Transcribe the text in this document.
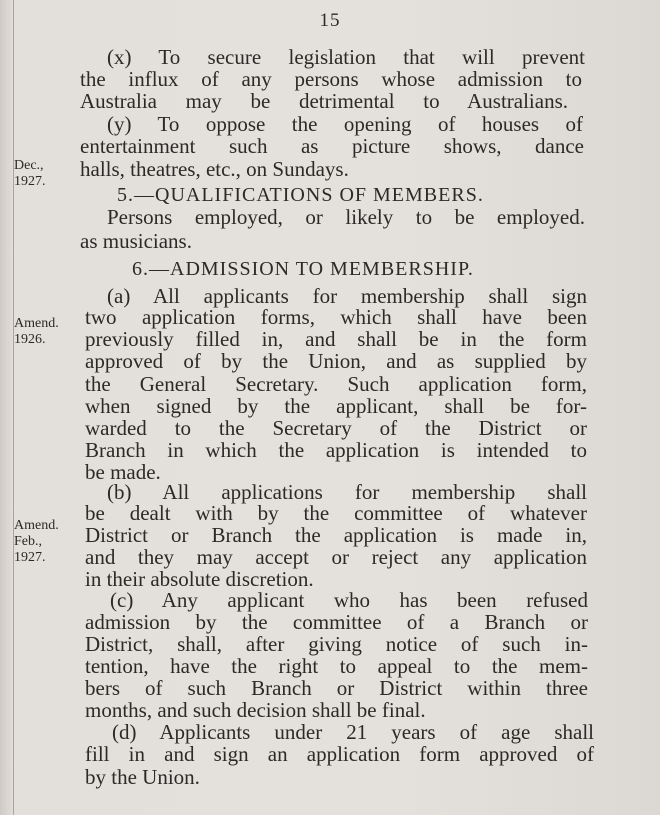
15
Dec.,
1927.
Amend.
1926.
Amend.
Feb.,
1927.
(x) To secure legislation that will prevent
the influx of any persons whose admission to
Australia may be detrimental to Australians.
(y) To oppose the opening of houses of
entertainment such as picture shows, dance
halls, theatres, etc., on Sundays.
5.—QUALIFICATIONS OF MEMBERS.
Persons employed, or likely to be employed.
as musicians.
6.—ADMISSION TO MEMBERSHIP.
(a) All applicants for membership shall sign
two application forms, which shall have been
previously filled in, and shall be in the form
approved of by the Union, and as supplied by
the General Secretary. Such application form,
when signed by the applicant, shall be for-
warded to the Secretary of the District or
Branch in which the application is intended to
be made.
(b) All applications for membership shall
be dealt with by the committee of whatever
District or Branch the application is made in,
and they may accept or reject any application
in their absolute discretion.
(c) Any applicant who has been refused
admission by the committee of a Branch or
District, shall, after giving notice of such in-
tention, have the right to appeal to the mem-
bers of such Branch or District within three
months, and such decision shall be final.
(d) Applicants under 21 years of age shall
fill in and sign an application form approved of
by the Union.
